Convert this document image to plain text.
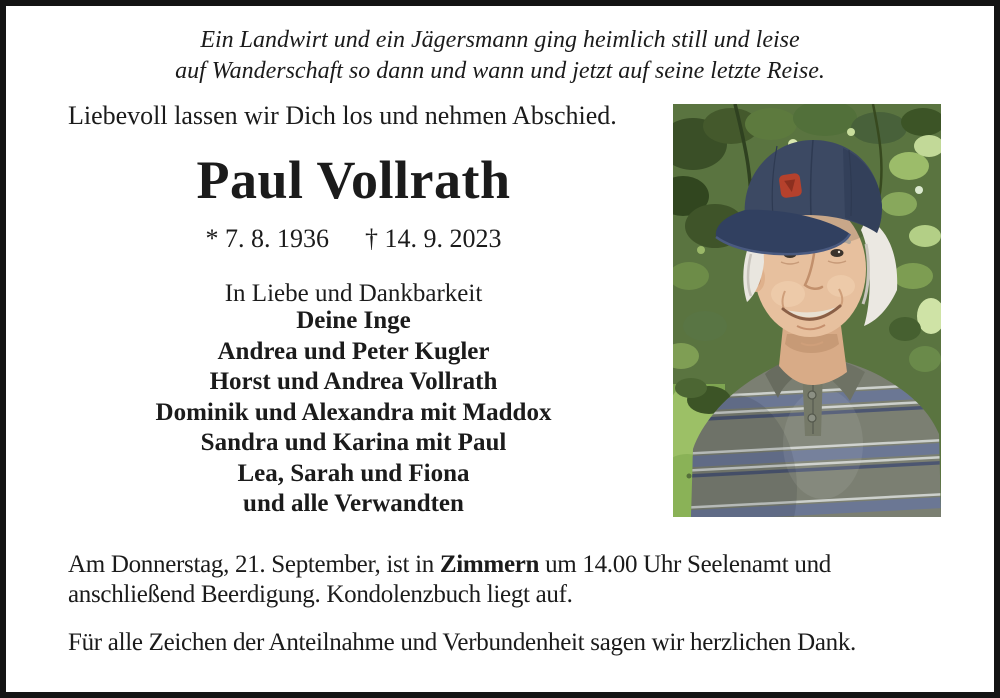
Ein Landwirt und ein Jägersmann ging heimlich still und leise
auf Wanderschaft so dann und wann und jetzt auf seine letzte Reise.
Liebevoll lassen wir Dich los und nehmen Abschied.
Paul Vollrath
* 7. 8. 1936 † 14. 9. 2023
In Liebe und Dankbarkeit
Deine Inge
Andrea und Peter Kugler
Horst und Andrea Vollrath
Dominik und Alexandra mit Maddox
Sandra und Karina mit Paul
Lea, Sarah und Fiona
und alle Verwandten
Am Donnerstag, 21. September, ist in Zimmern um 14.00 Uhr Seelenamt und
anschließend Beerdigung. Kondolenzbuch liegt auf.
Für alle Zeichen der Anteilnahme und Verbundenheit sagen wir herzlichen Dank.
